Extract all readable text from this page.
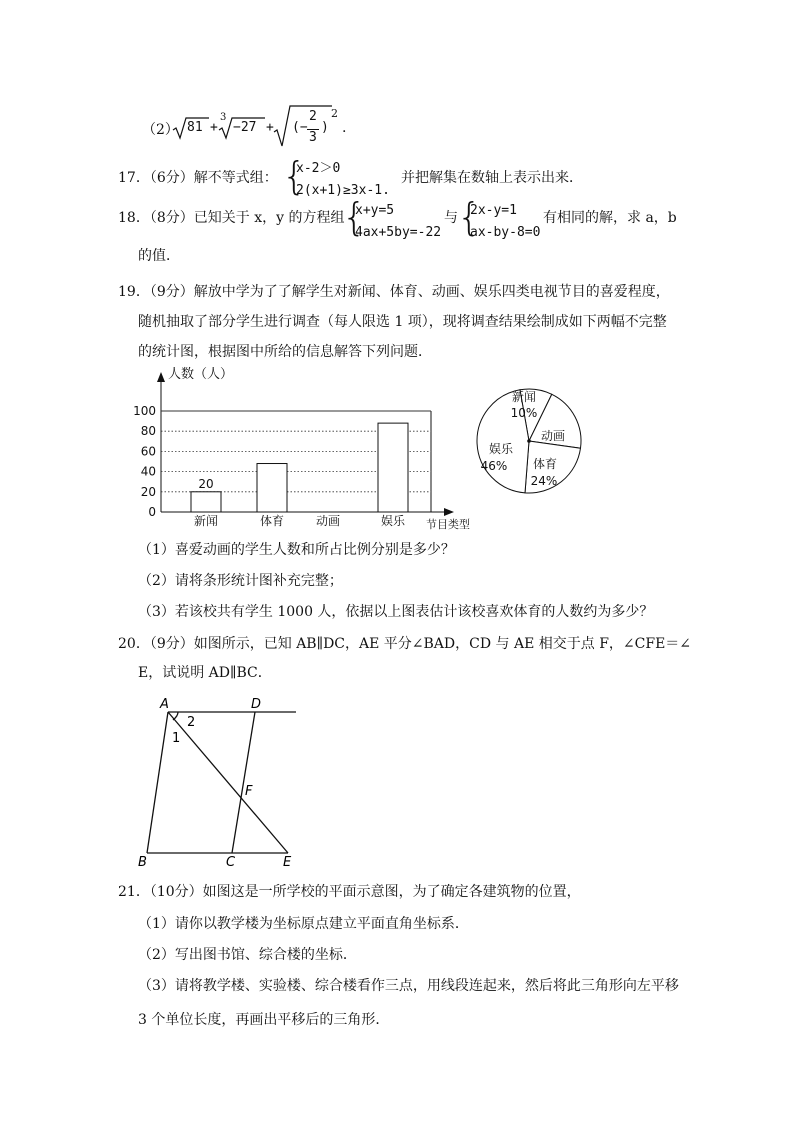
（2） 81 +
3
−27 + (−
2
3
)
2
.
17．（6分）解不等式组： {
x-2＞0
2(x+1)≥3x-1.
并把解集在数轴上表示出来．
18．（8分）已知关于 x，y 的方程组
{
x+y=5
4ax+5by=-22
与 {
2x-y=1
ax-by-8=0
有相同的解，求 a，b
的值．
19．（9分）解放中学为了了解学生对新闻、体育、动画、娱乐四类电视节目的喜爱程度，
随机抽取了部分学生进行调查（每人限选 1 项），现将调查结果绘制成如下两幅不完整
的统计图，根据图中所给的信息解答下列问题．
0
20
40
60
80
100
人数（人）
节目类型
新闻
20
体育	动画	娱乐
新闻
10%
动画
体育
24%
娱乐
46%
（1）喜爱动画的学生人数和所占比例分别是多少？
（2）请将条形统计图补充完整；
（3）若该校共有学生 1000 人，依据以上图表估计该校喜欢体育的人数约为多少？
20．（9分）如图所示，已知 AB∥DC，AE 平分∠BAD，CD 与 AE 相交于点 F，∠CFE＝∠
E，试说明 AD∥BC．
A	D
2
1
F
B	C	E
21．（10分）如图这是一所学校的平面示意图，为了确定各建筑物的位置，
（1）请你以教学楼为坐标原点建立平面直角坐标系．
（2）写出图书馆、综合楼的坐标．
（3）请将教学楼、实验楼、综合楼看作三点，用线段连起来，然后将此三角形向左平移
3 个单位长度，再画出平移后的三角形．
